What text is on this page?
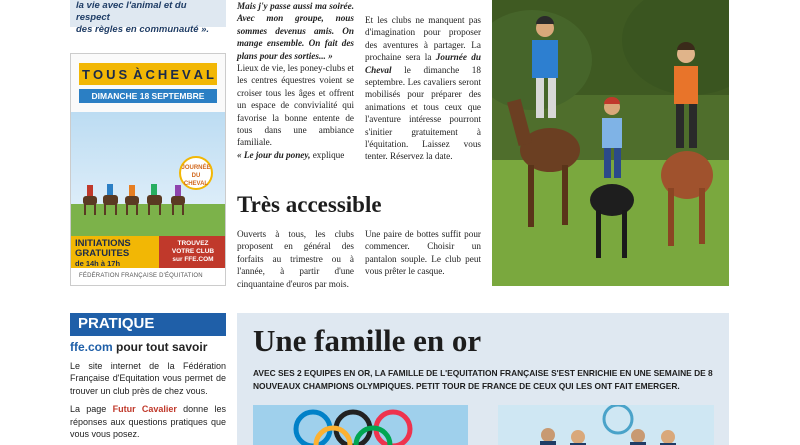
la vie avec l'animal et du respect

des règles en communauté ».

T O U S À C H E V A L
DIMANCHE 18 SEPTEMBRE
JOURNÉE
DU
CHEVAL
INITIATIONS
GRATUITES
de 14h à 17h
TROUVEZ
VOTRE CLUB
sur FFE.COM
FÉDÉRATION FRANÇAISE D'ÉQUITATION
PRATIQUE
ffe.com pour tout savoir

Le site internet de la Fédération Française d'Equitation vous permet de trouver un club près de chez vous.

La page Futur Cavalier donne les réponses aux questions pratiques que vous vous posez.

Mais j'y passe aussi ma soirée. Avec mon groupe, nous sommes devenus amis. On mange ensemble. On fait des plans pour des sorties... »

Lieux de vie, les poney-clubs et les centres équestres voient se croiser tous les âges et offrent un espace de convivialité qui favorise la bonne entente de tous dans une ambiance familiale.

« Le jour du poney, explique

Et les clubs ne manquent pas d'imagination pour proposer des aventures à partager. La prochaine sera la Journée du Cheval le dimanche 18 septembre. Les cavaliers seront mobilisés pour préparer des animations et tous ceux que l'aventure intéresse pourront s'initier gratuitement à l'équitation. Laissez vous tenter. Réservez la date.

Très accessible

Ouverts à tous, les clubs proposent en général des forfaits au trimestre ou à l'année, à partir d'une cinquantaine d'euros par mois.

Une paire de bottes suffit pour commencer. Choisir un pantalon souple. Le club peut vous prêter le casque.

Une famille en or
AVEC SES 2 EQUIPES EN OR, LA FAMILLE DE L'EQUITATION FRANÇAISE S'EST ENRICHIE EN UNE SEMAINE DE 8 NOUVEAUX CHAMPIONS OLYMPIQUES. PETIT TOUR DE FRANCE DE CEUX QUI LES ONT FAIT EMERGER.
